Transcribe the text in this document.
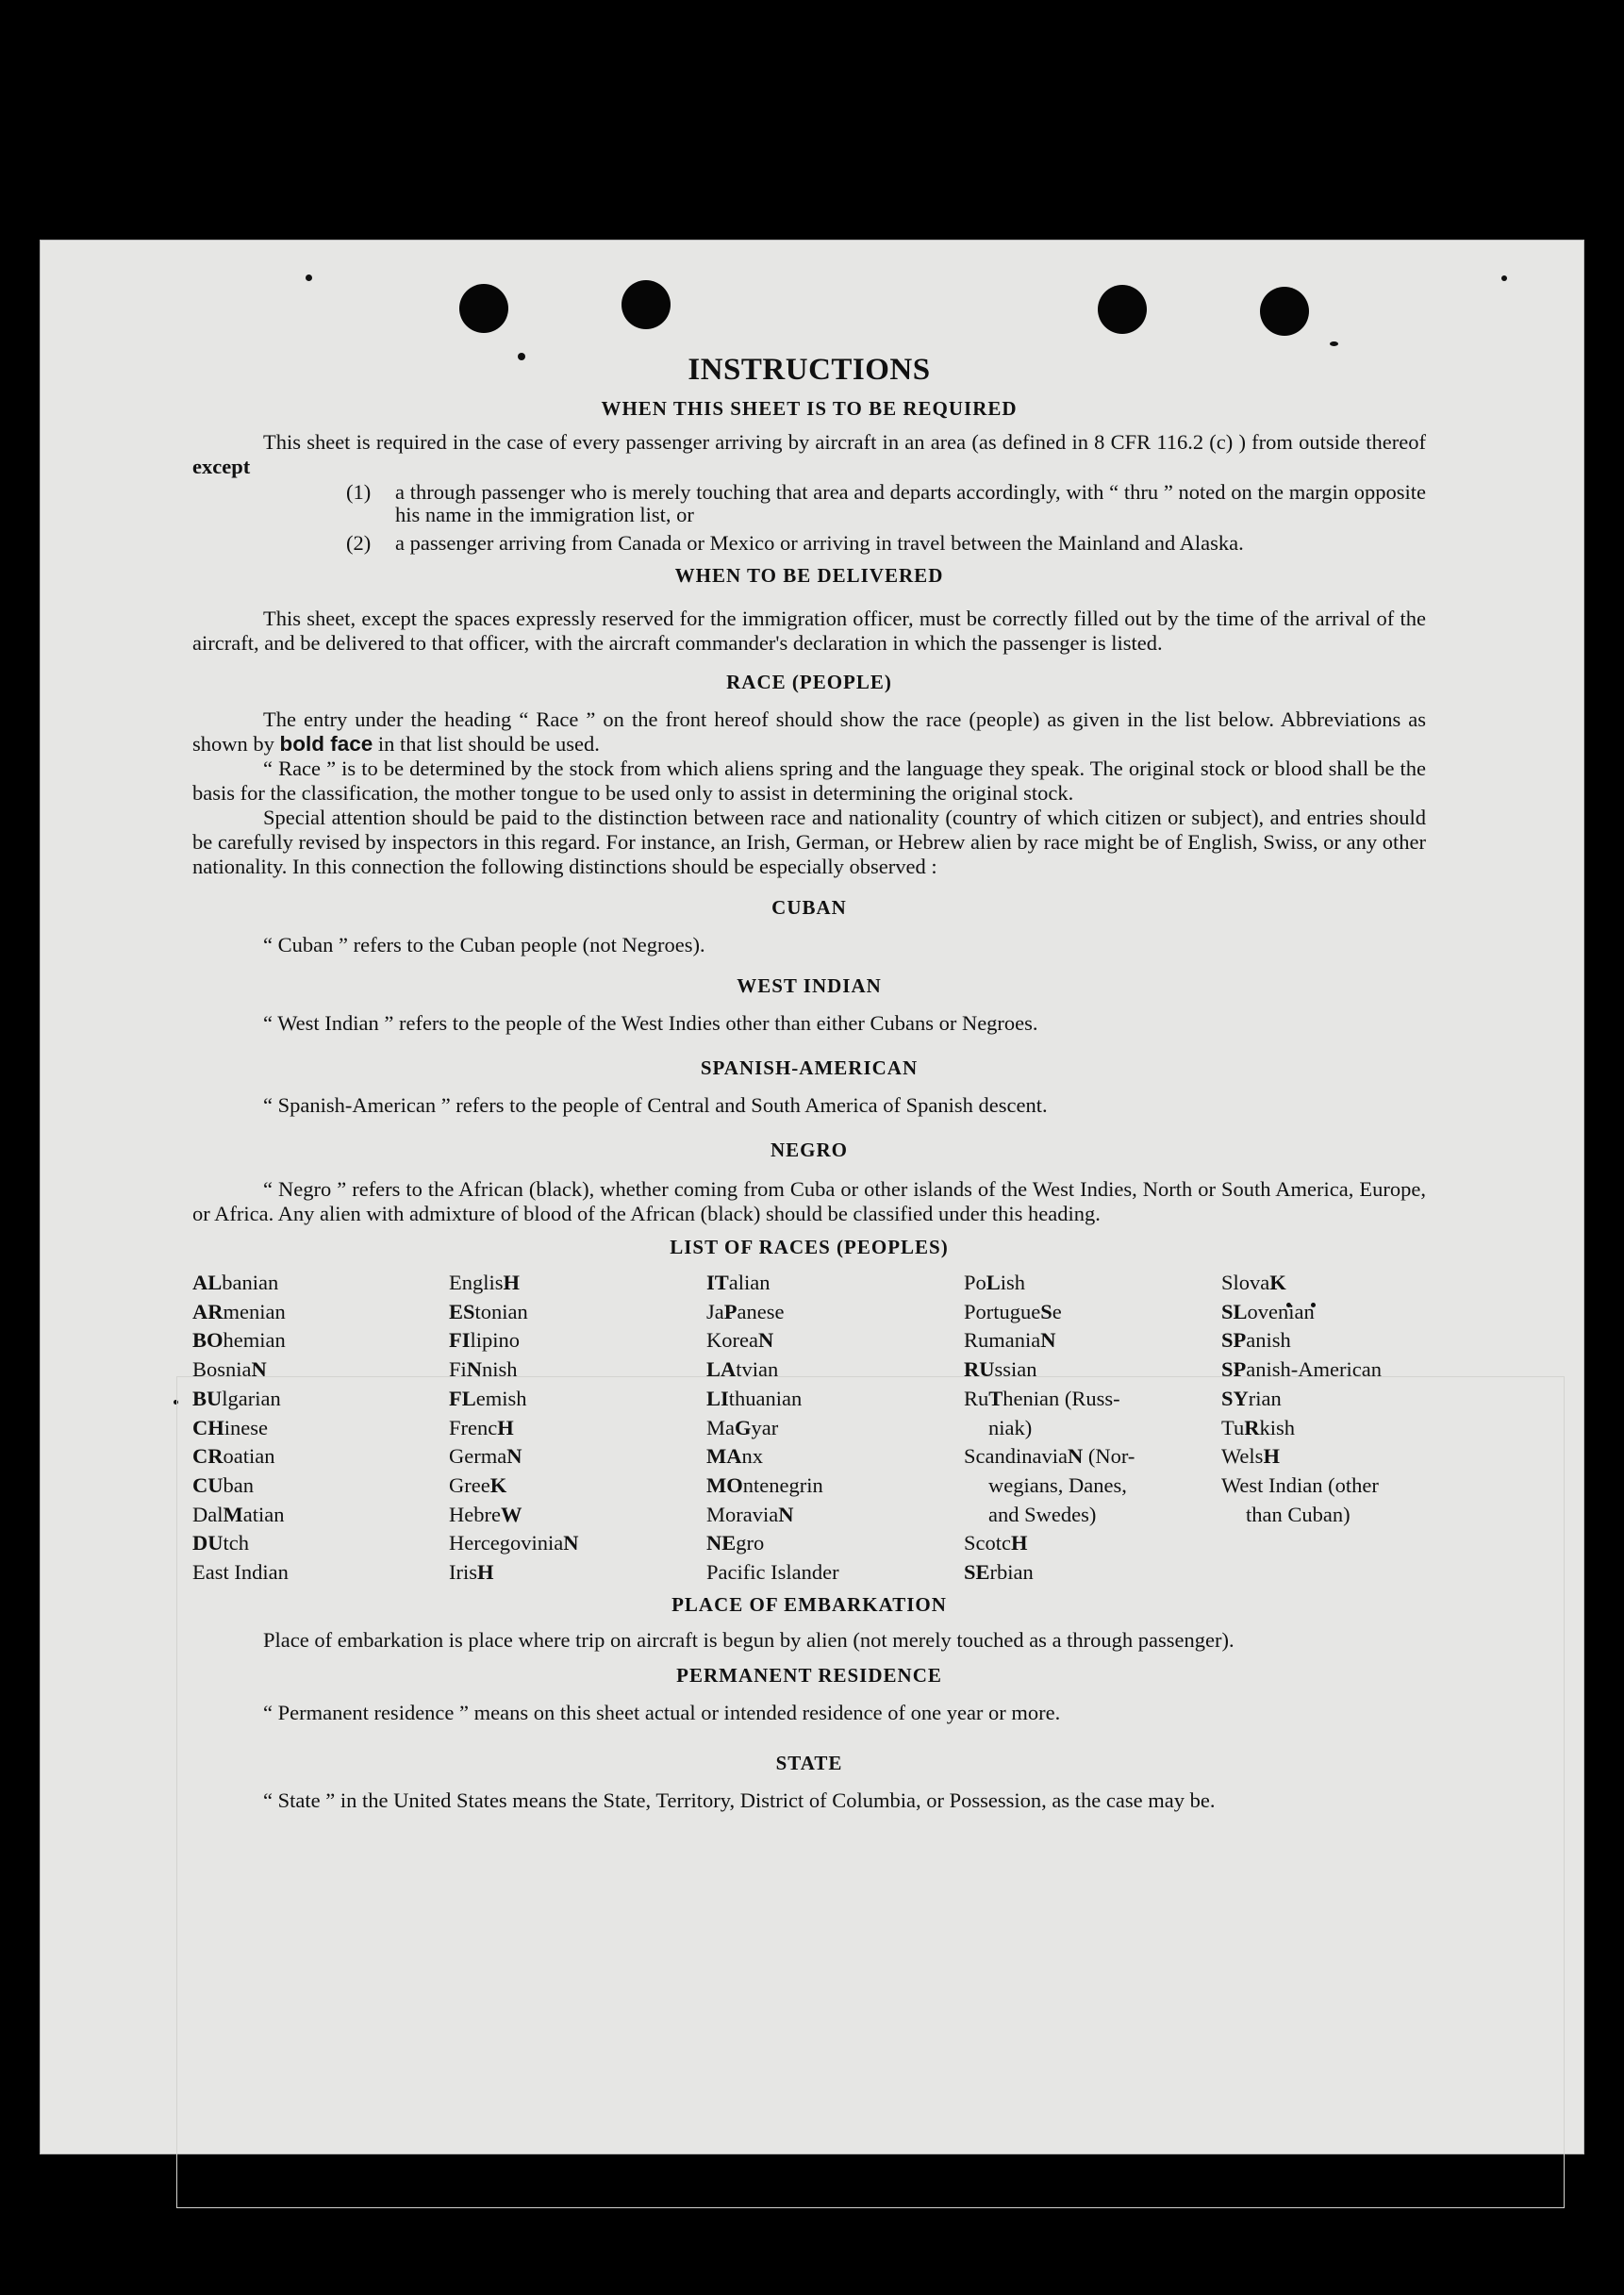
INSTRUCTIONS
WHEN THIS SHEET IS TO BE REQUIRED

This sheet is required in the case of every passenger arriving by aircraft in an area (as defined in 8 CFR 116.2 (c) ) from outside thereof except

(1)	a through passenger who is merely touching that area and departs accordingly, with “ thru ” noted on the margin opposite his name in the immigration list, or
(2)	a passenger arriving from Canada or Mexico or arriving in travel between the Mainland and Alaska.
WHEN TO BE DELIVERED

This sheet, except the spaces expressly reserved for the immigration officer, must be correctly filled out by the time of the arrival of the aircraft, and be delivered to that officer, with the aircraft commander's declaration in which the passenger is listed.

RACE (PEOPLE)

The entry under the heading “ Race ” on the front hereof should show the race (people) as given in the list below. Abbreviations as shown by bold face in that list should be used.

“ Race ” is to be determined by the stock from which aliens spring and the language they speak. The original stock or blood shall be the basis for the classification, the mother tongue to be used only to assist in determining the original stock.

Special attention should be paid to the distinction between race and nationality (country of which citizen or subject), and entries should be carefully revised by inspectors in this regard. For instance, an Irish, German, or Hebrew alien by race might be of English, Swiss, or any other nationality. In this connection the following distinctions should be especially observed :

CUBAN

“ Cuban ” refers to the Cuban people (not Negroes).

WEST INDIAN

“ West Indian ” refers to the people of the West Indies other than either Cubans or Negroes.

SPANISH-AMERICAN

“ Spanish-American ” refers to the people of Central and South America of Spanish descent.

NEGRO

“ Negro ” refers to the African (black), whether coming from Cuba or other islands of the West Indies, North or South America, Europe, or Africa. Any alien with admixture of blood of the African (black) should be classified under this heading.

LIST OF RACES (PEOPLES)
ALbanian
ARmenian
BOhemian
BosniaN
BUlgarian
CHinese
CRoatian
CUban
DalMatian
DUtch
East Indian
EnglisH
EStonian
FIlipino
FiNnish
FLemish
FrencH
GermaN
GreeK
HebreW
HercegoviniaN
IrisH
ITalian
JaPanese
KoreaN
LAtvian
LIthuanian
MaGyar
MAnx
MOntenegrin
MoraviaN
NEgro
Pacific Islander
PoLish
PortugueSe
RumaniaN
RUssian
RuThenian (Russ-
niak)
ScandinaviaN (Nor-
wegians, Danes,
and Swedes)
ScotcH
SErbian
SlovaK
SLovenian
SPanish
SPanish-American
SYrian
TuRkish
WelsH
West Indian (other
than Cuban)

PLACE OF EMBARKATION

Place of embarkation is place where trip on aircraft is begun by alien (not merely touched as a through passenger).

PERMANENT RESIDENCE

“ Permanent residence ” means on this sheet actual or intended residence of one year or more.

STATE

“ State ” in the United States means the State, Territory, District of Columbia, or Possession, as the case may be.
